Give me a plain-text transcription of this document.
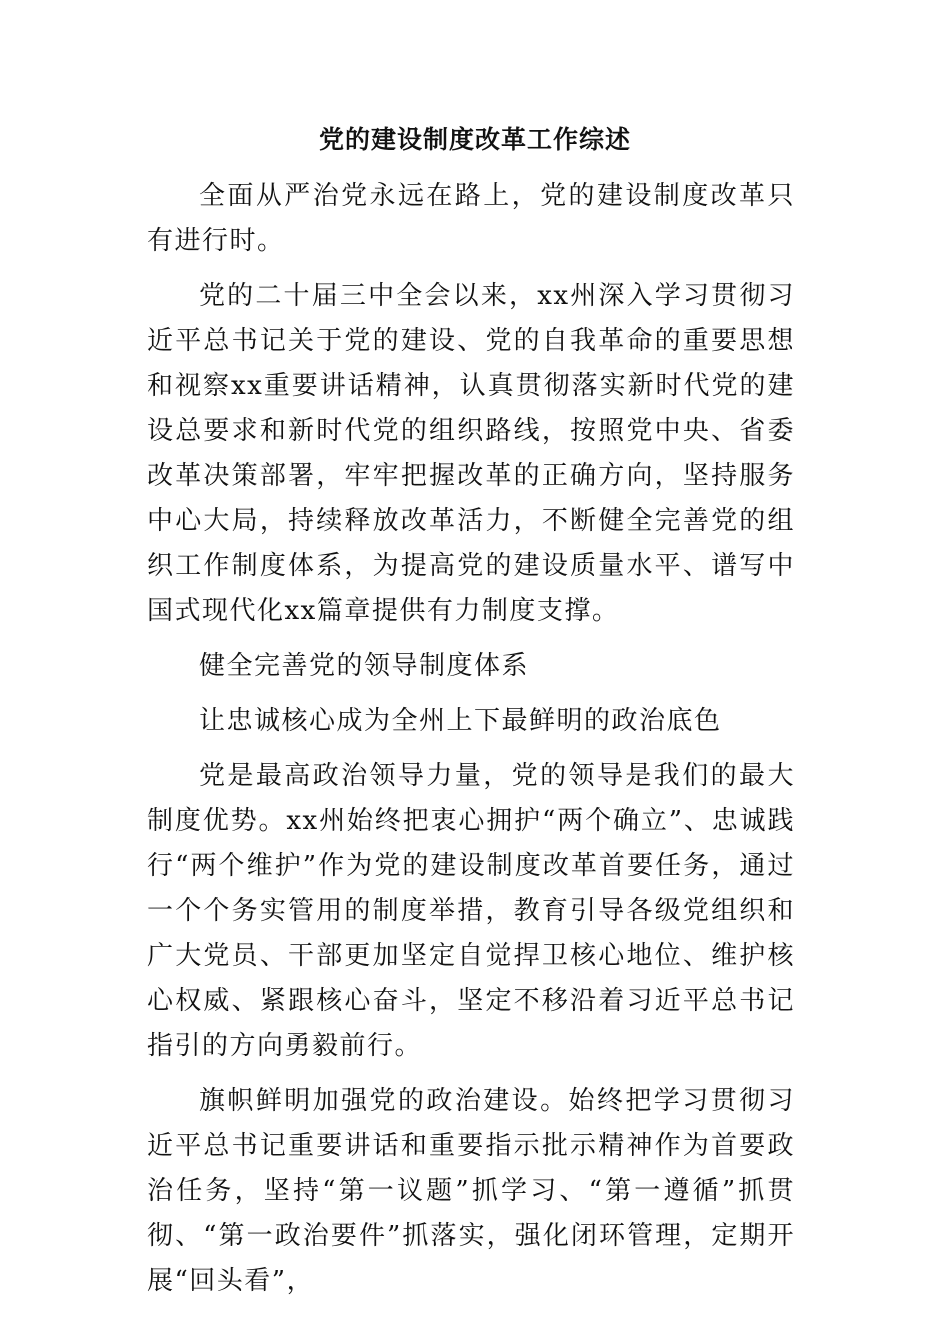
党的建设制度改革工作综述

全面从严治党永远在路上，党的建设制度改革只有进行时。

党的二十届三中全会以来，xx州深入学习贯彻习近平总书记关于党的建设、党的自我革命的重要思想和视察xx重要讲话精神，认真贯彻落实新时代党的建设总要求和新时代党的组织路线，按照党中央、省委改革决策部署，牢牢把握改革的正确方向，坚持服务中心大局，持续释放改革活力，不断健全完善党的组织工作制度体系，为提高党的建设质量水平、谱写中国式现代化xx篇章提供有力制度支撑。

健全完善党的领导制度体系

让忠诚核心成为全州上下最鲜明的政治底色

党是最高政治领导力量，党的领导是我们的最大制度优势。xx州始终把衷心拥护“两个确立”、忠诚践行“两个维护”作为党的建设制度改革首要任务，通过一个个务实管用的制度举措，教育引导各级党组织和广大党员、干部更加坚定自觉捍卫核心地位、维护核心权威、紧跟核心奋斗，坚定不移沿着习近平总书记指引的方向勇毅前行。

旗帜鲜明加强党的政治建设。始终把学习贯彻习近平总书记重要讲话和重要指示批示精神作为首要政治任务，坚持“第一议题”抓学习、“第一遵循”抓贯彻、“第一政治要件”抓落实，强化闭环管理，定期开展“回头看”，
